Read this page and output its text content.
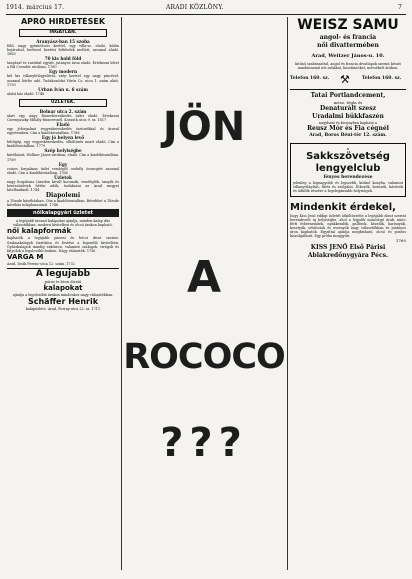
1914. március 17.	ARADI KÖZLÖNY.	7
APRÓ HIRDETÉSEK
INGATLAN.
Aranyász-ban 15 szoba
föld, nagy gyümölcsös kerttel, egy villa-sz. eladó, külön bejárattal, kedvező fizetési feltételek mellett, azonnal eladó. 1863
70 kis hold föld
tanyával és vasúttal együtt, jutányos áron eladó. Értekezni lehet a Pál Csendőr utcában. 1760
Egy modern
két kis villanyfelügyelővel, szép kerttel egy nagy pincével, azonnal bérbe adó. Tudakozódni Vörös Cs. utca 1. szám alatt. 1759
Urban Iván u. 6 szám
alatti ház eladó. 1748
ÜZLETEK.
Bolnar utca 2. szám
alatt egy nagy füszerkereskedés üzlet eladó. Értekezni Csernyaszky Mihály füszeresnél. Kossuth utca 9. sz. 1817
Eladó
egy jóforgalmú vegyeskereskedés tartozékkal és áruval egyetemben. Cím a kiadóhivatalban. 1788
Egy jó helyen levő
hűtőgép, egy vegyeskereskedés, elköltözés miatt eladó. Cím a kiadóhivatalban. 1779
Szép helyiségbe
kávéházat, Wollner János-utcában, eladó. Cím a kiadóhivatalban. 1769
Egy
csinos forgalmas üzlet vendéglő csekély összegért azonnal eladó. Cím a kiadóhivatalban. 1766
Üzletek
nagy forgalmas (Aradon kívül) kocsmák, vendéglők, tanyák és hentesüzletek bérbe adók, tudakozni az Arad megyei hitelbanknál. 1744
Diapolemi
a Tőzsde kávéházban. Cím a kiadóhivatalban. Bővebbet a Tőzsde kávéház tulajdonosánál. 1746
nőikalapgyári üzletet
a legújabb tavaszi kalapokat ajánlja, minden kalap dús választékban, modern kivitelben és olcsó árakon kapható.
női kalapformák
kaphatók a legújabb párizsi és bécsi divat szerint. Szalmakalapok tisztítása és festése a legszebb kivitelben. Gyászkalapok mindig raktáron, valamint szalagok, virágok és fátyolok a legolcsóbb árakon. Nagy választék. 1756
VARGA M
Arad, Deák Ferenc-utca 12. szám. 1732
A legujabb
párisi és bécsi divatú
kalapokat
ajánlja a legolcsóbb árakon mindenkor nagy választékban.
Schäffer Henrik
kalapüzlete. Arad, Forray-utca 22. sz. 1711
JÖN
A
ROCOCO
???
WEISZ SAMU
angol- és francia
női divattermében
Arad, Weitzer János-u. 10.
kitűnő szabászattal, angol és francia divatlapok szerint készít mindennemű női ruhákat, kosztümöket, mérsékelt árakon.
Telefon 160. sz. ⚒	Telefon 160. sz.
Tatai Portlandcement,
mész, tégla és
Denaturált szesz
Uradalmi bükkfaszén
nagybani és kicsinyben kapható a
Reusz Mór és Fia cégnél
Arad, Boros Béni-tér 12. szám.
a
Sakkszövetség
lengyelclub
fényes berendezése
jelenleg a legnagyobb és legszebb, kitűnő konyha, valamint villanyvilágítás, fűtés és szolgálat. Étkezők, borozók, kávézók és üdülők részére a legelegánsabb helyiségek.
Mindenkit érdekel,
hogy Kiss Jenő eddigi üzletét átköltöztette a legújabb divat szerint berendezett új helyiségbe, ahol a legjobb minőségű áruk, mint: férfi fehérneműek, nyakkendők, gallérok, kézelők, harisnyák, kesztyűk, sétabotok és esernyők nagy választékban és jutányos áron kaphatók. Egyúttal ajánlja megbízható, olcsó és pontos kiszolgálását. Egy próba meggyőzi.
1760
KISS JENŐ Első Párisi
Ablakredőnygyára Pécs.
